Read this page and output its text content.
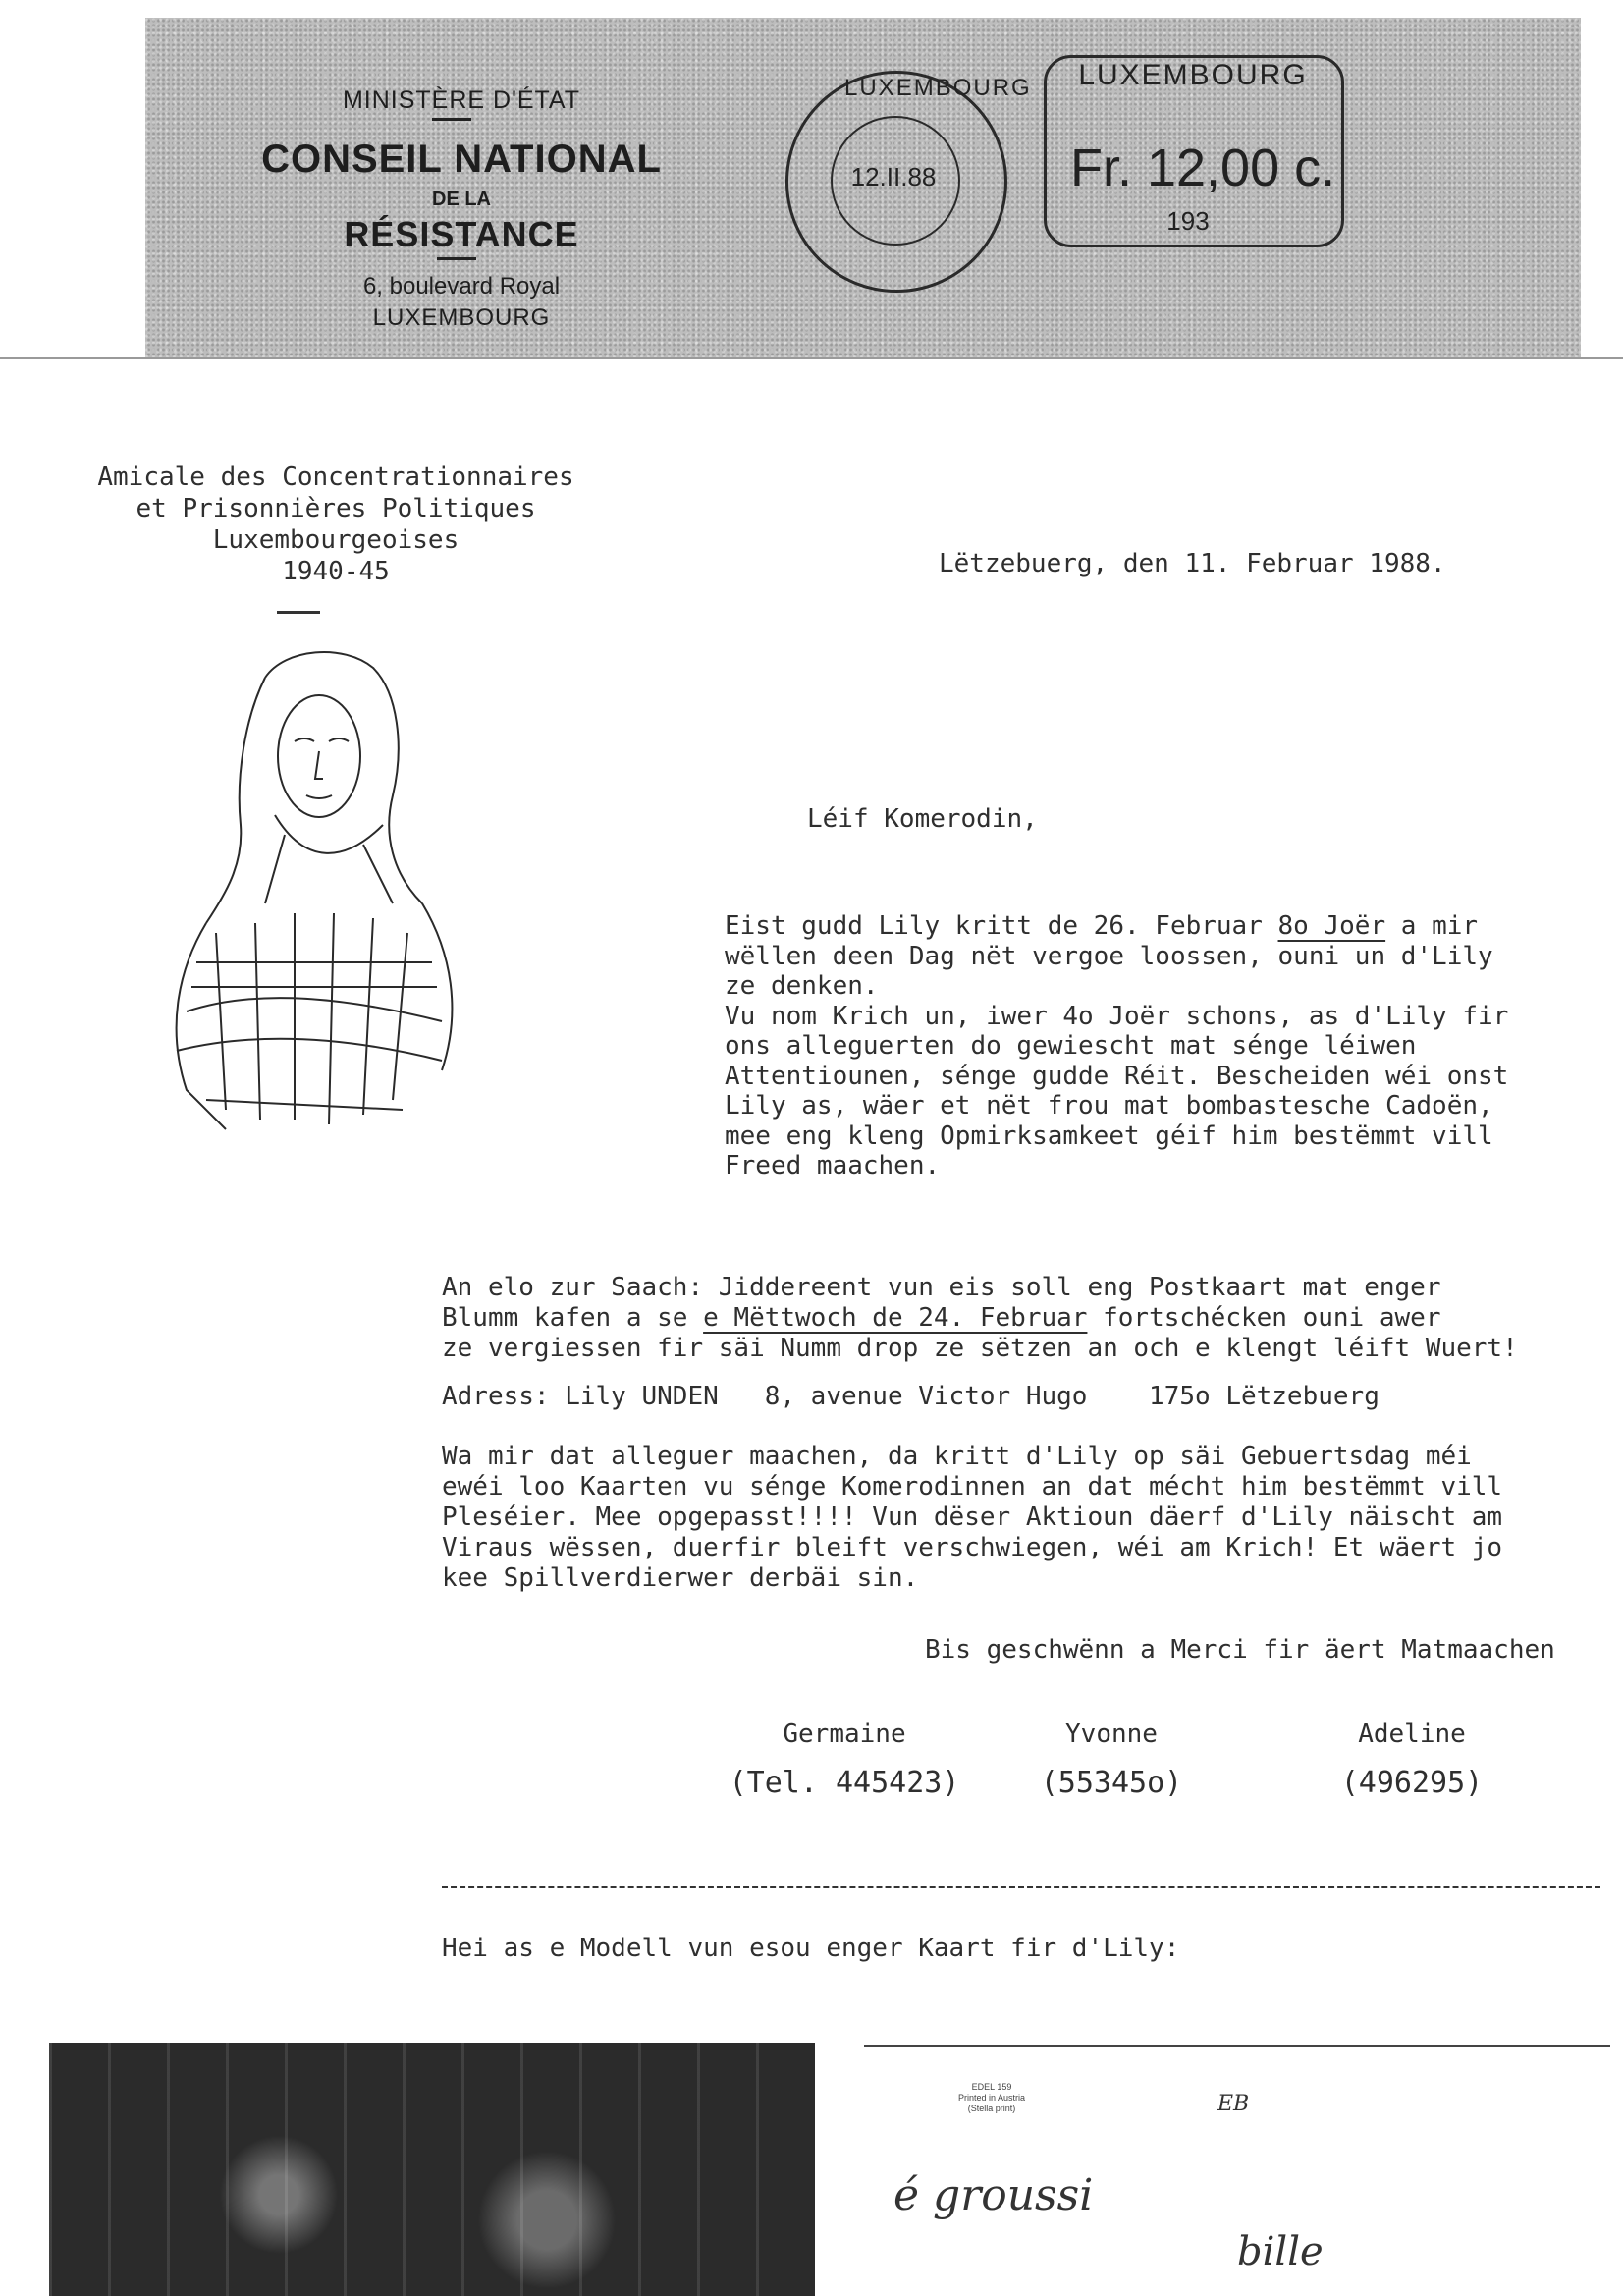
MINISTÈRE D'ÉTAT
CONSEIL NATIONAL
DE LA
RÉSISTANCE
6, boulevard Royal
LUXEMBOURG
LUXEMBOURG
12.II.88
LUXEMBOURG
Fr. 12,00 c.
193
Amicale des Concentrationnaires
et Prisonnières Politiques
Luxembourgeoises
1940-45	Lëtzebuerg, den 11. Februar 1988.
Léif Komerodin,
Eist gudd Lily kritt de 26. Februar 8o Joër a mir
wëllen deen Dag nët vergoe loossen, ouni un d'Lily
ze denken.
Vu nom Krich un, iwer 4o Joër schons, as d'Lily fir
ons alleguerten do gewiescht mat sénge léiwen
Attentiounen, sénge gudde Réit. Bescheiden wéi onst
Lily as, wäer et nët frou mat bombastesche Cadoën,
mee eng kleng Opmirksamkeet géif him bestëmmt vill
Freed maachen.
An elo zur Saach: Jiddereent vun eis soll eng Postkaart mat enger
Blumm kafen a se e Mëttwoch de 24. Februar fortschécken ouni awer
ze vergiessen fir säi Numm drop ze sëtzen an och e klengt léift Wuert!
Adress: Lily UNDEN   8, avenue Victor Hugo    175o Lëtzebuerg
Wa mir dat alleguer maachen, da kritt d'Lily op säi Gebuertsdag méi
ewéi loo Kaarten vu sénge Komerodinnen an dat mécht him bestëmmt vill
Pleséier. Mee opgepasst!!!! Vun dëser Aktioun däerf d'Lily näischt am
Viraus wëssen, duerfir bleift verschwiegen, wéi am Krich! Et wäert jo
kee Spillverdierwer derbäi sin.
Bis geschwënn a Merci fir äert Matmaachen
Germaine
(Tel. 445423)
Yvonne
(55345o)
Adeline
(496295)
Hei as e Modell vun esou enger Kaart fir d'Lily:
EDEL 159
Printed in Austria
(Stella print)	EB
é groussi
bille
